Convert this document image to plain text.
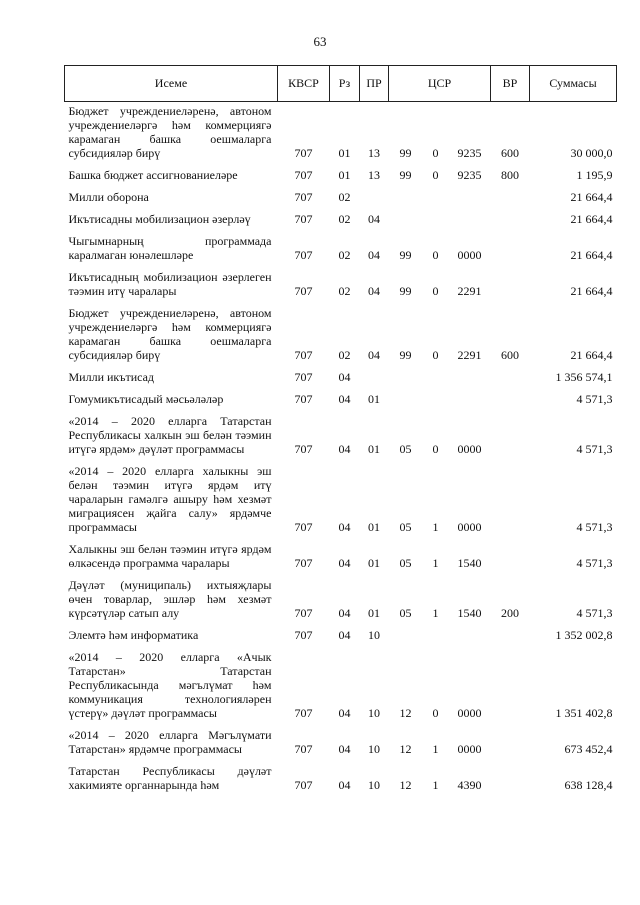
63
Исеме	КВСР	Рз	ПР	ЦСР			ВР	Суммасы
Бюджет учреждениеләренә, автоном учреждениеләргә һәм коммерциягә карамаган башка оешмаларга субсидияләр бирү	707	01	13	99	0	9235	600	30 000,0
Башка бюджет ассигнованиеләре	707	01	13	99	0	9235	800	1 195,9
Милли оборона	707	02						21 664,4
Икътисадны мобилизацион әзерләү	707	02	04					21 664,4
Чыгымнарның программада каралмаган юнәлешләре	707	02	04	99	0	0000		21 664,4
Икътисадның мобилизацион әзерлеген тәэмин итү чаралары	707	02	04	99	0	2291		21 664,4
Бюджет учреждениеләренә, автоном учреждениеләргә һәм коммерциягә карамаган башка оешмаларга субсидияләр бирү	707	02	04	99	0	2291	600	21 664,4
Милли икътисад	707	04						1 356 574,1
Гомумикътисадый мәсьәләләр	707	04	01					4 571,3
«2014 – 2020 елларга Татарстан Республикасы халкын эш белән тәэмин итүгә ярдәм» дәүләт программасы	707	04	01	05	0	0000		4 571,3
«2014 – 2020 елларга халыкны эш белән тәэмин итүгә ярдәм итү чараларын гамәлгә ашыру һәм хезмәт миграциясен җайга салу» ярдәмче программасы	707	04	01	05	1	0000		4 571,3
Халыкны эш белән тәэмин итүгә ярдәм өлкәсендә программа чаралары	707	04	01	05	1	1540		4 571,3
Дәүләт (муниципаль) ихтыяҗлары өчен товарлар, эшләр һәм хезмәт күрсәтүләр сатып алу	707	04	01	05	1	1540	200	4 571,3
Элемтә һәм информатика	707	04	10					1 352 002,8
«2014 – 2020 елларга «Ачык Татарстан» Татарстан Республикасында мәгълүмат һәм коммуникация технологияләрен үстерү» дәүләт программасы	707	04	10	12	0	0000		1 351 402,8
«2014 – 2020 елларга Мәгълүмати Татарстан» ярдәмче программасы	707	04	10	12	1	0000		673 452,4
Татарстан Республикасы дәүләт хакимияте органнарында һәм	707	04	10	12	1	4390		638 128,4
